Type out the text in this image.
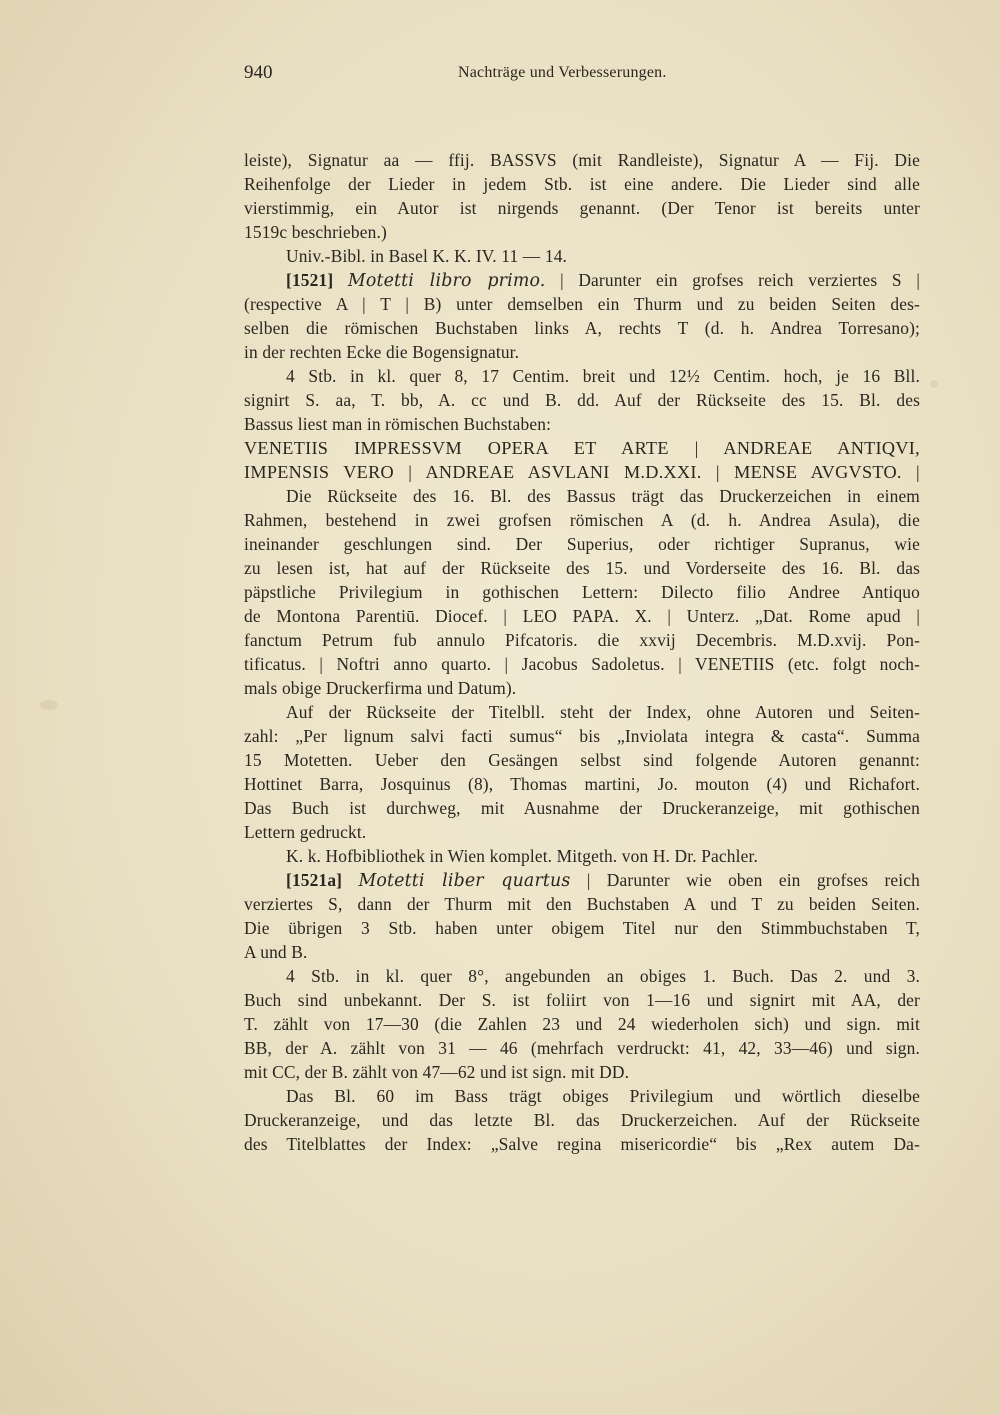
940	Nachträge und Verbesserungen.
leiste), Signatur aa — ffij. BASSVS (mit Randleiste), Signatur A — Fij. Die
Reihenfolge der Lieder in jedem Stb. ist eine andere. Die Lieder sind alle
vierstimmig, ein Autor ist nirgends genannt. (Der Tenor ist bereits unter
1519c beschrieben.)
Univ.-Bibl. in Basel K. K. IV. 11 — 14.
[1521] Motetti libro primo. | Darunter ein grofses reich verziertes S |
(respective A | T | B) unter demselben ein Thurm und zu beiden Seiten des-
selben die römischen Buchstaben links A, rechts T (d. h. Andrea Torresano);
in der rechten Ecke die Bogensignatur.
4 Stb. in kl. quer 8, 17 Centim. breit und 12½ Centim. hoch, je 16 Bll.
signirt S. aa, T. bb, A. cc und B. dd. Auf der Rückseite des 15. Bl. des
Bassus liest man in römischen Buchstaben:
VENETIIS IMPRESSVM OPERA ET ARTE | ANDREAE ANTIQVI,
IMPENSIS VERO | ANDREAE ASVLANI M.D.XXI. | MENSE AVGVSTO. |
Die Rückseite des 16. Bl. des Bassus trägt das Druckerzeichen in einem
Rahmen, bestehend in zwei grofsen römischen A (d. h. Andrea Asula), die
ineinander geschlungen sind. Der Superius, oder richtiger Supranus, wie
zu lesen ist, hat auf der Rückseite des 15. und Vorderseite des 16. Bl. das
päpstliche Privilegium in gothischen Lettern: Dilecto filio Andree Antiquo
de Montona Parentiū. Diocef. | LEO PAPA. X. | Unterz. „Dat. Rome apud |
fanctum Petrum fub annulo Pifcatoris. die xxvij Decembris. M.D.xvij. Pon-
tificatus. | Noftri anno quarto. | Jacobus Sadoletus. | VENETIIS (etc. folgt noch-
mals obige Druckerfirma und Datum).
Auf der Rückseite der Titelbll. steht der Index, ohne Autoren und Seiten-
zahl: „Per lignum salvi facti sumus“ bis „Inviolata integra & casta“. Summa
15 Motetten. Ueber den Gesängen selbst sind folgende Autoren genannt:
Hottinet Barra, Josquinus (8), Thomas martini, Jo. mouton (4) und Richafort.
Das Buch ist durchweg, mit Ausnahme der Druckeranzeige, mit gothischen
Lettern gedruckt.
K. k. Hofbibliothek in Wien komplet. Mitgeth. von H. Dr. Pachler.
[1521a] Motetti liber quartus | Darunter wie oben ein grofses reich
verziertes S, dann der Thurm mit den Buchstaben A und T zu beiden Seiten.
Die übrigen 3 Stb. haben unter obigem Titel nur den Stimmbuchstaben T,
A und B.
4 Stb. in kl. quer 8°, angebunden an obiges 1. Buch. Das 2. und 3.
Buch sind unbekannt. Der S. ist foliirt von 1—16 und signirt mit AA, der
T. zählt von 17—30 (die Zahlen 23 und 24 wiederholen sich) und sign. mit
BB, der A. zählt von 31 — 46 (mehrfach verdruckt: 41, 42, 33—46) und sign.
mit CC, der B. zählt von 47—62 und ist sign. mit DD.
Das Bl. 60 im Bass trägt obiges Privilegium und wörtlich dieselbe
Druckeranzeige, und das letzte Bl. das Druckerzeichen. Auf der Rückseite
des Titelblattes der Index: „Salve regina misericordie“ bis „Rex autem Da-
